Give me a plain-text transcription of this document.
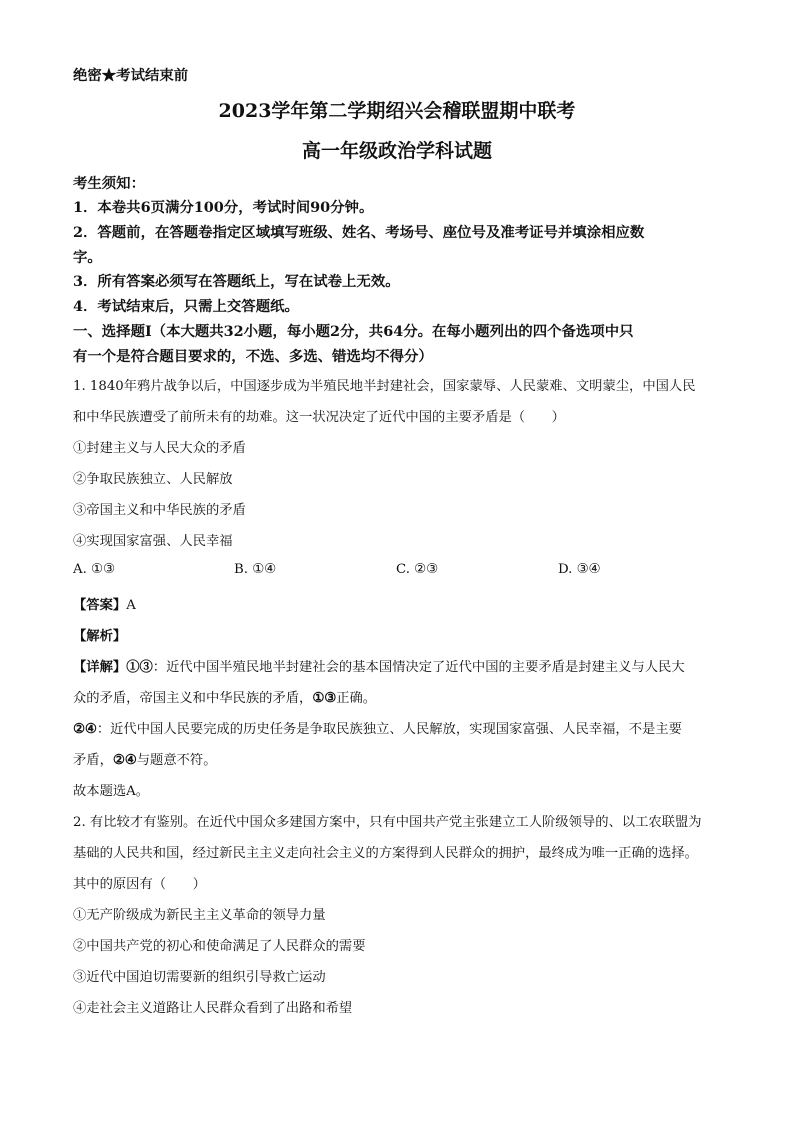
绝密★考试结束前
2023学年第二学期绍兴会稽联盟期中联考
高一年级政治学科试题
考生须知：
1．本卷共6页满分100分，考试时间90分钟。
2．答题前，在答题卷指定区域填写班级、姓名、考场号、座位号及准考证号并填涂相应数
字。
3．所有答案必须写在答题纸上，写在试卷上无效。
4．考试结束后，只需上交答题纸。
一、选择题Ⅰ（本大题共32小题，每小题2分，共64分。在每小题列出的四个备选项中只
有一个是符合题目要求的，不选、多选、错选均不得分）
1. 1840年鸦片战争以后，中国逐步成为半殖民地半封建社会，国家蒙辱、人民蒙难、文明蒙尘，中国人民
和中华民族遭受了前所未有的劫难。这一状况决定了近代中国的主要矛盾是（　　）
①封建主义与人民大众的矛盾
②争取民族独立、人民解放
③帝国主义和中华民族的矛盾
④实现国家富强、人民幸福
A. ①③	B. ①④	C. ②③	D. ③④
【答案】A
【解析】
【详解】①③：近代中国半殖民地半封建社会的基本国情决定了近代中国的主要矛盾是封建主义与人民大
众的矛盾，帝国主义和中华民族的矛盾，①③正确。
②④：近代中国人民要完成的历史任务是争取民族独立、人民解放，实现国家富强、人民幸福，不是主要
矛盾，②④与题意不符。
故本题选A。
2. 有比较才有鉴别。在近代中国众多建国方案中，只有中国共产党主张建立工人阶级领导的、以工农联盟为
基础的人民共和国，经过新民主主义走向社会主义的方案得到人民群众的拥护，最终成为唯一正确的选择。
其中的原因有（　　）
①无产阶级成为新民主主义革命的领导力量
②中国共产党的初心和使命满足了人民群众的需要
③近代中国迫切需要新的组织引导救亡运动
④走社会主义道路让人民群众看到了出路和希望
